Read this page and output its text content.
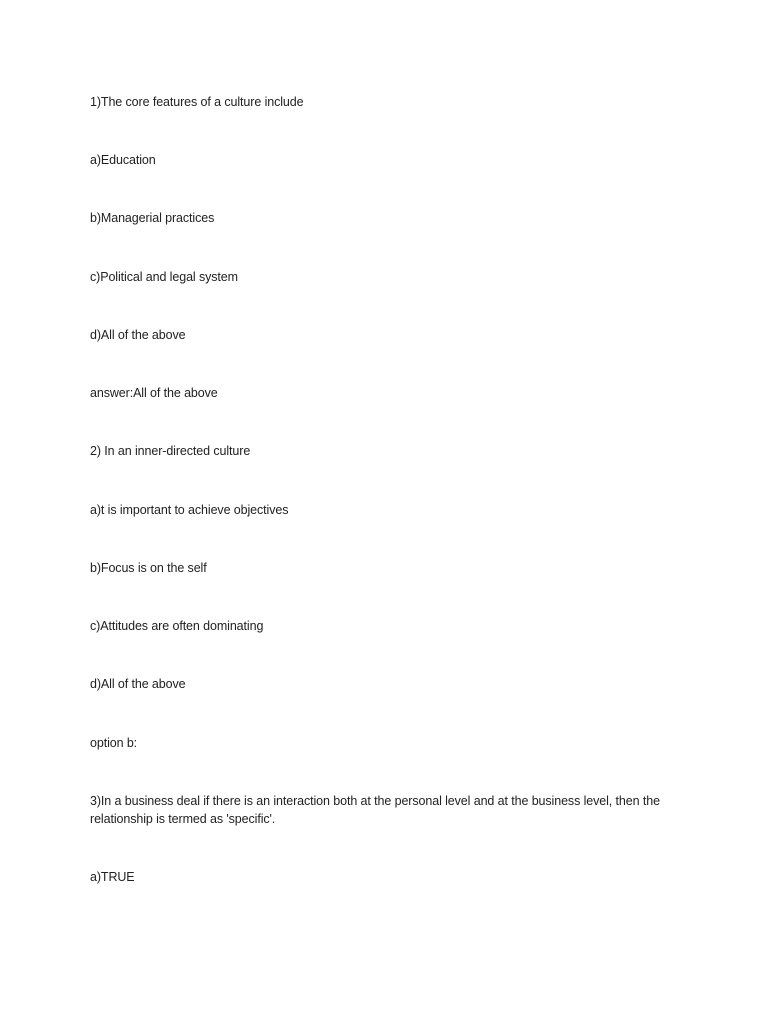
1)The core features of a culture include
a)Education
b)Managerial practices
c)Political and legal system
d)All of the above
answer:All of the above
2) In an inner-directed culture
a)t is important to achieve objectives
b)Focus is on the self
c)Attitudes are often dominating
d)All of the above
option b:
3)In a business deal if there is an interaction both at the personal level and at the business level, then the relationship is termed as 'specific'.
a)TRUE
